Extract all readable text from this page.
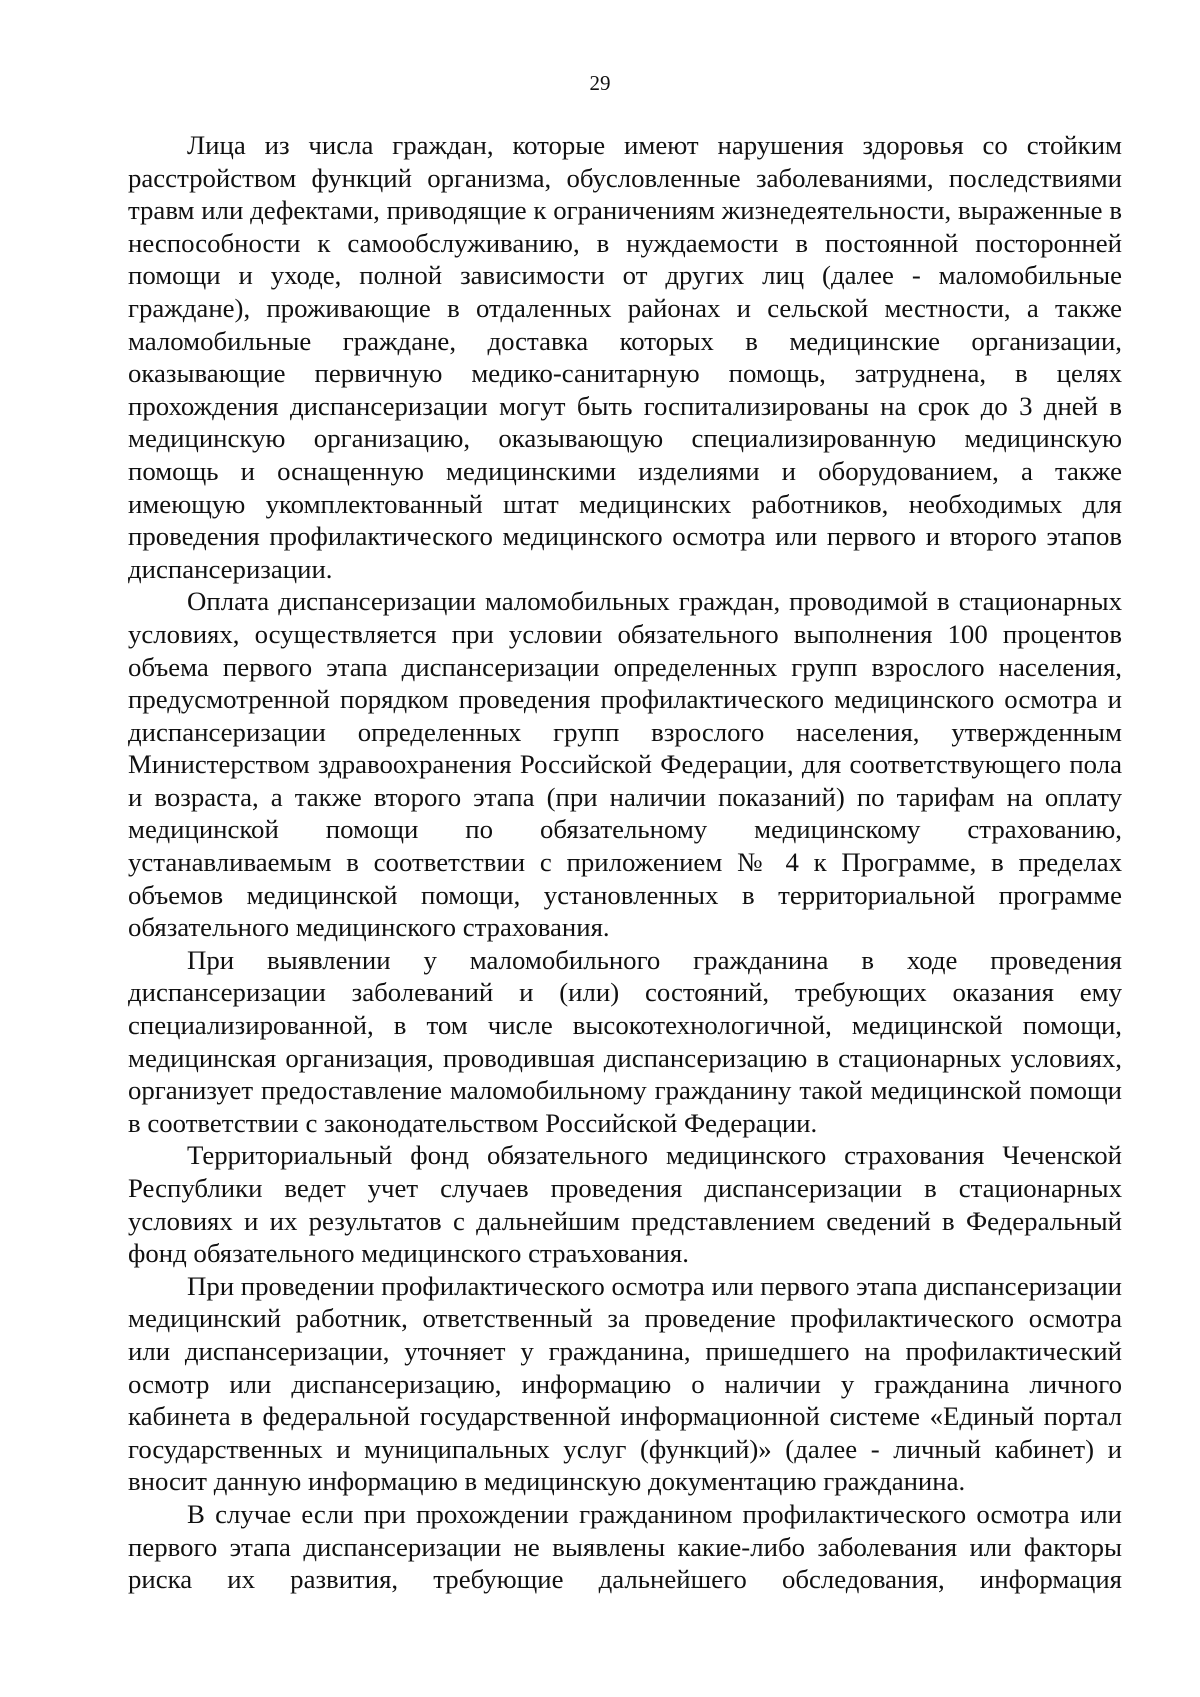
29

Лица из числа граждан, которые имеют нарушения здоровья со стойким расстройством функций организма, обусловленные заболеваниями, последствиями травм или дефектами, приводящие к ограничениям жизнедеятельности, выраженные в неспособности к самообслуживанию, в нуждаемости в постоянной посторонней помощи и уходе, полной зависимости от других лиц (далее - маломобильные граждане), проживающие в отдаленных районах и сельской местности, а также маломобильные граждане, доставка которых в медицинские организации, оказывающие первичную медико-санитарную помощь, затруднена, в целях прохождения диспансеризации могут быть госпитализированы на срок до 3 дней в медицинскую организацию, оказывающую специализированную медицинскую помощь и оснащенную медицинскими изделиями и оборудованием, а также имеющую укомплектованный штат медицинских работников, необходимых для проведения профилактического медицинского осмотра или первого и второго этапов диспансеризации.

Оплата диспансеризации маломобильных граждан, проводимой в стационарных условиях, осуществляется при условии обязательного выполнения 100 процентов объема первого этапа диспансеризации определенных групп взрослого населения, предусмотренной порядком проведения профилактического медицинского осмотра и диспансеризации определенных групп взрослого населения, утвержденным Министерством здравоохранения Российской Федерации, для соответствующего пола и возраста, а также второго этапа (при наличии показаний) по тарифам на оплату медицинской помощи по обязательному медицинскому страхованию, устанавливаемым в соответствии с приложением № 4 к Программе, в пределах объемов медицинской помощи, установленных в территориальной программе обязательного медицинского страхования.

При выявлении у маломобильного гражданина в ходе проведения диспансеризации заболеваний и (или) состояний, требующих оказания ему специализированной, в том числе высокотехнологичной, медицинской помощи, медицинская организация, проводившая диспансеризацию в стационарных условиях, организует предоставление маломобильному гражданину такой медицинской помощи в соответствии с законодательством Российской Федерации.

Территориальный фонд обязательного медицинского страхования Чеченской Республики ведет учет случаев проведения диспансеризации в стационарных условиях и их результатов с дальнейшим представлением сведений в Федеральный фонд обязательного медицинского страъхования.

При проведении профилактического осмотра или первого этапа диспансеризации медицинский работник, ответственный за проведение профилактического осмотра или диспансеризации, уточняет у гражданина, пришедшего на профилактический осмотр или диспансеризацию, информацию о наличии у гражданина личного кабинета в федеральной государственной информационной системе «Единый портал государственных и муниципальных услуг (функций)» (далее - личный кабинет) и вносит данную информацию в медицинскую документацию гражданина.

В случае если при прохождении гражданином профилактического осмотра или первого этапа диспансеризации не выявлены какие-либо заболевания или факторы риска их развития, требующие дальнейшего обследования, информация
